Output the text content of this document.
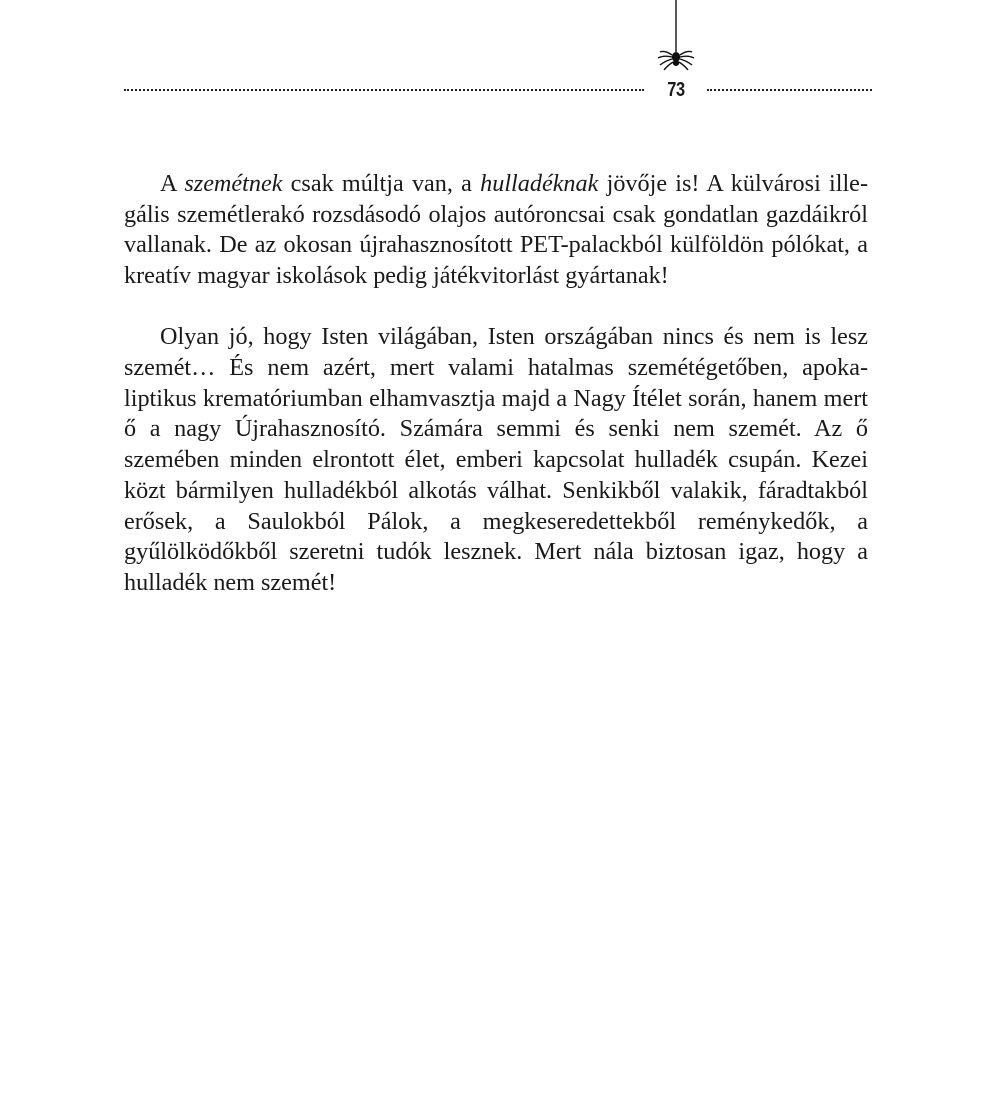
73

A szemétnek csak múltja van, a hulladéknak jövője is! A külvárosi illegális szemétlerakó rozsdásodó olajos autóroncsai csak gondatlan gazdáikról vallanak. De az okosan újrahasznosított PET-palackból külföldön pólókat, a kreatív magyar iskolások pedig játékvitorlást gyártanak!

Olyan jó, hogy Isten világában, Isten országában nincs és nem is lesz szemét… És nem azért, mert valami hatalmas szemétégetőben, apokaliptikus krematóriumban elhamvasztja majd a Nagy Ítélet során, hanem mert ő a nagy Újrahasznosító. Számára semmi és senki nem szemét. Az ő szemében minden elrontott élet, emberi kapcsolat hulladék csupán. Kezei közt bármilyen hulladékból alkotás válhat. Senkikből valakik, fáradtakból erősek, a Saulokból Pálok, a megkeseredettekből reménykedők, a gyűlölködőkből szeretni tudók lesznek. Mert nála biztosan igaz, hogy a hulladék nem szemét!
